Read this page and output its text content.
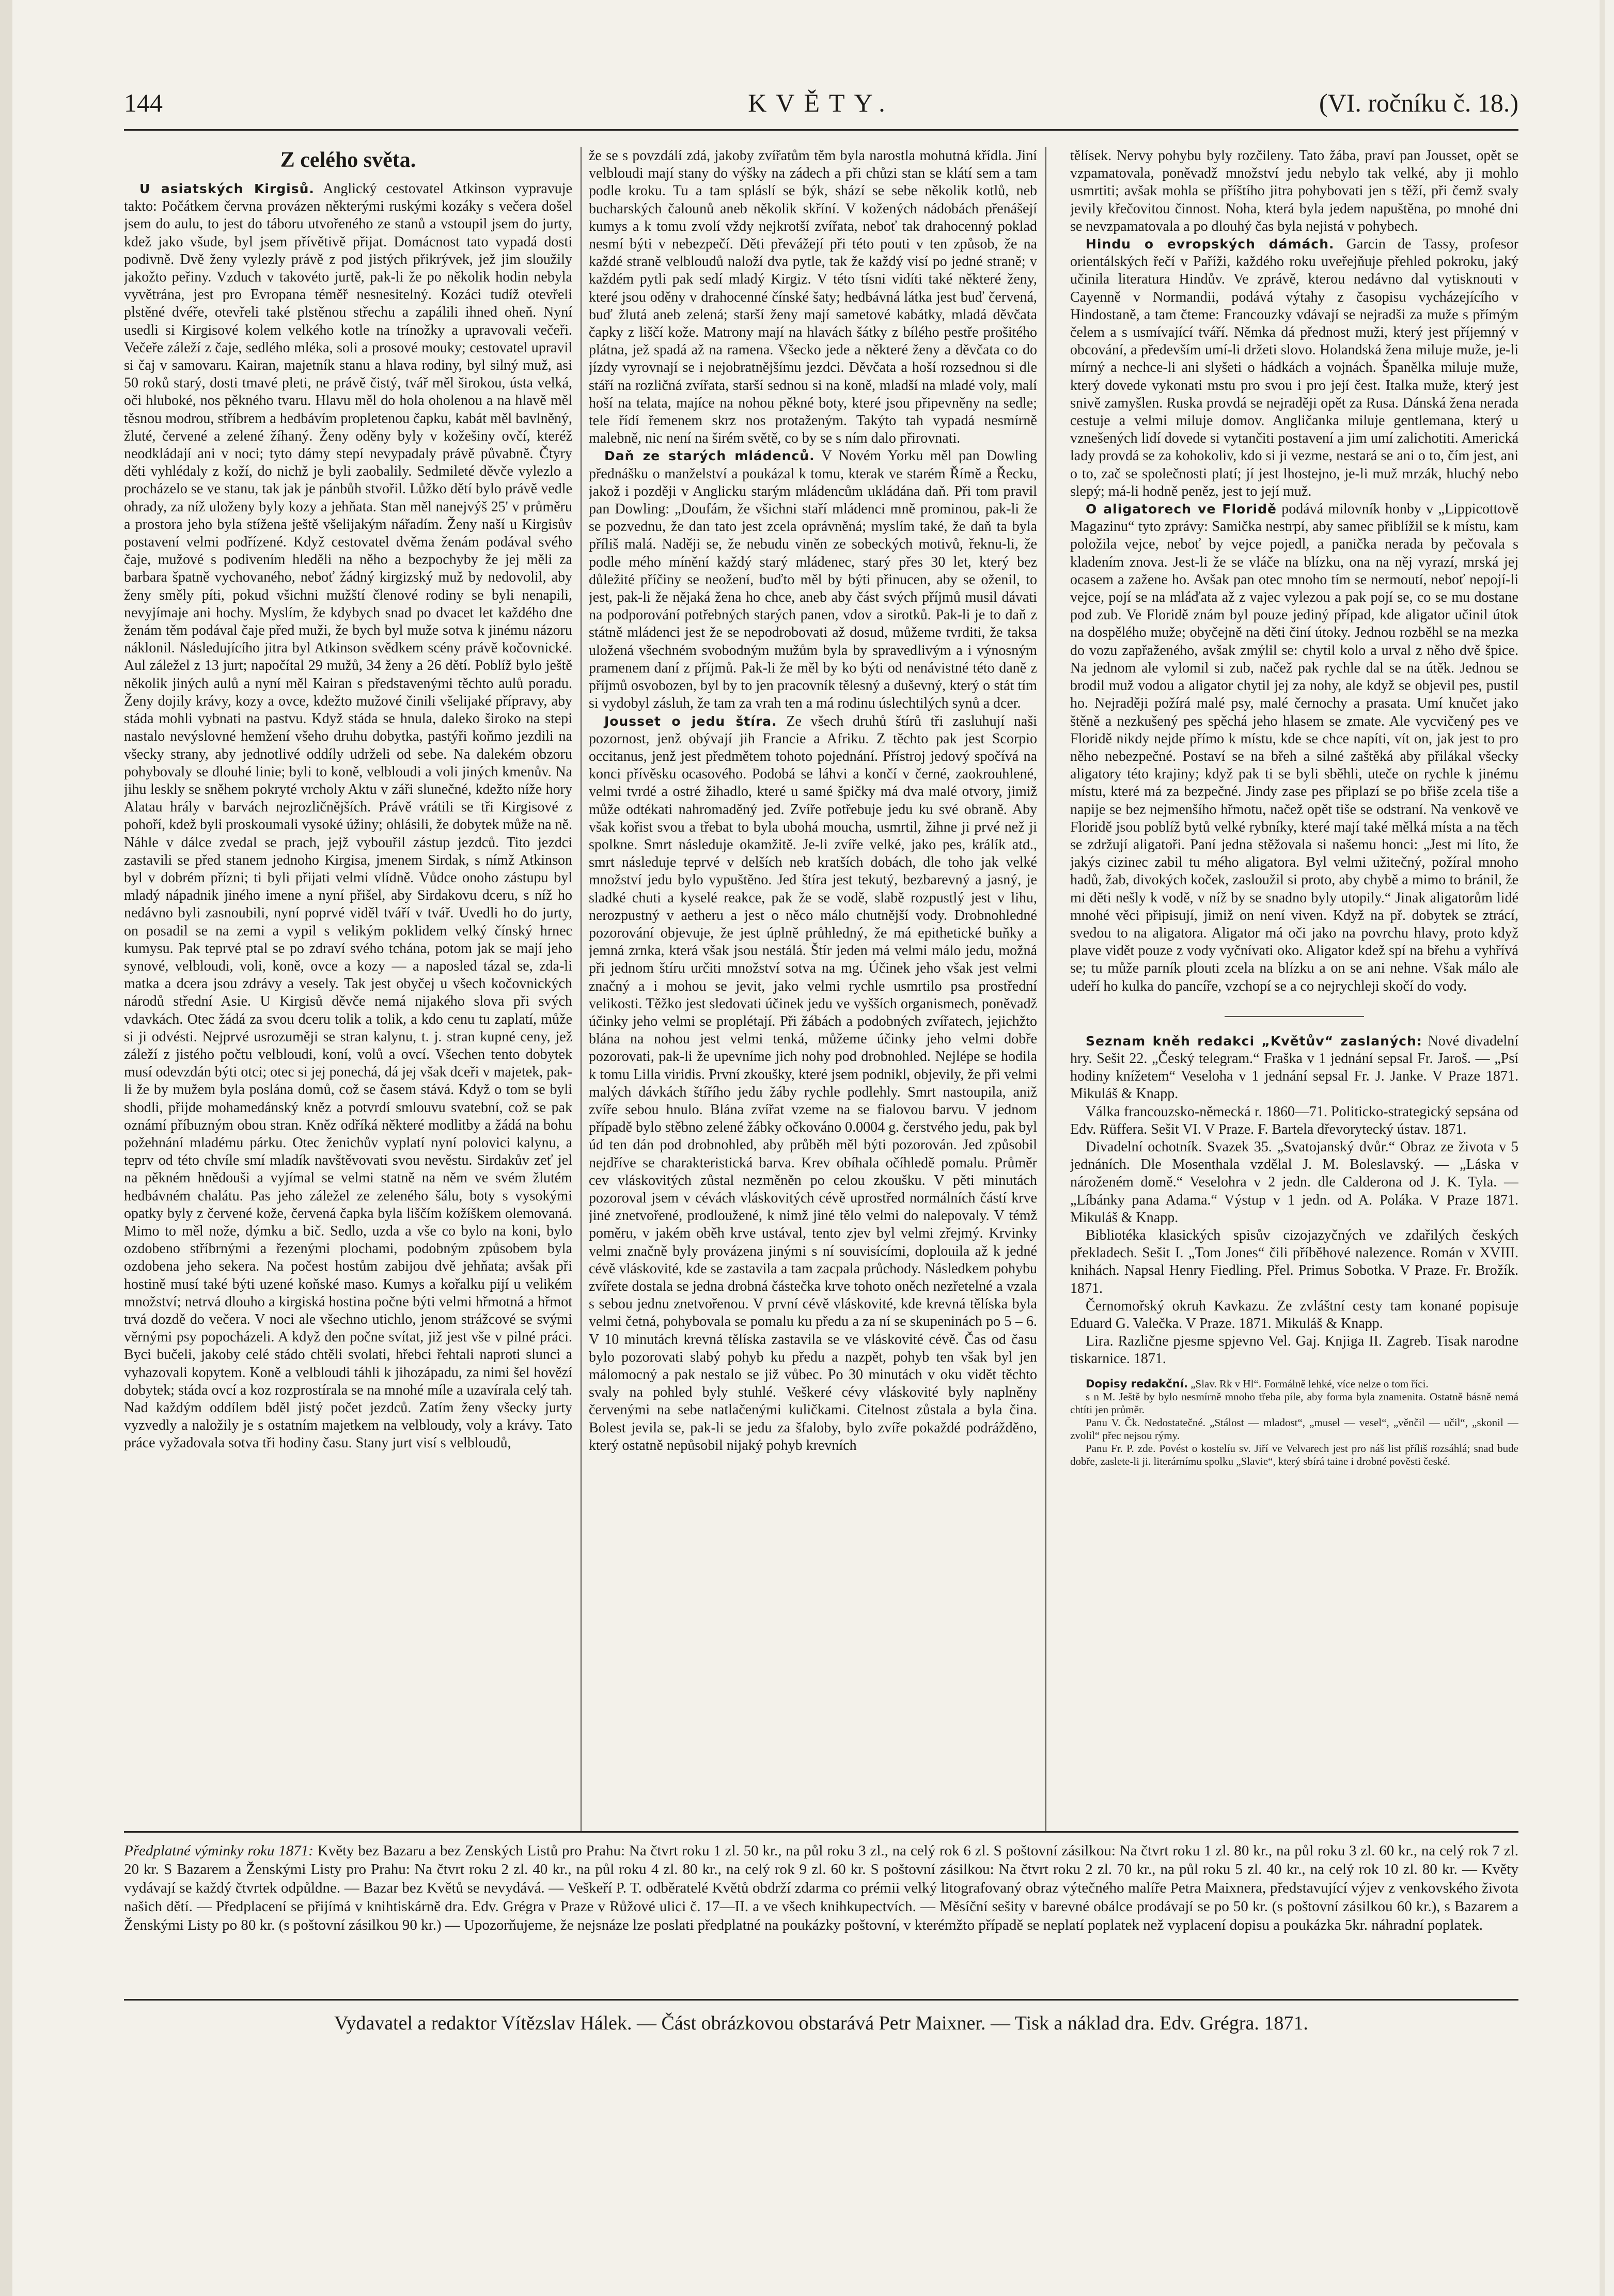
144	KVĚTY.	(VI. ročníku č. 18.)
Z celého světa.

U asiatských Kirgisů. Anglický cestovatel Atkinson vypravuje takto: Počátkem června provázen některými ruskými kozáky s večera došel jsem do aulu, to jest do táboru utvořeného ze stanů a vstoupil jsem do jurty, kdež jako všude, byl jsem přívětivě přijat. Domácnost tato vypadá dosti podivně. Dvě ženy vylezly právě z pod jistých přikrývek, jež jim sloužily jakožto peřiny. Vzduch v takovéto jurtě, pak-li že po několik hodin nebyla vyvětrána, jest pro Evropana téměř nesnesitelný. Kozáci tudíž otevřeli plstěné dvéře, otevřeli také plstěnou střechu a zapálili ihned oheň. Nyní usedli si Kirgisové kolem velkého kotle na trínožky a upravovali večeři. Večeře záleží z čaje, sedlého mléka, soli a prosové mouky; cestovatel upravil si čaj v samovaru. Kairan, majetník stanu a hlava rodiny, byl silný muž, asi 50 roků starý, dosti tmavé pleti, ne právě čistý, tvář měl širokou, ústa velká, oči hluboké, nos pěkného tvaru. Hlavu měl do hola oholenou a na hlavě měl těsnou modrou, stříbrem a hedbávím propletenou čapku, kabát měl bavlněný, žluté, červené a zelené žíhaný. Ženy oděny byly v kožešiny ovčí, kteréž neodkládají ani v noci; tyto dámy stepí nevypadaly právě půvabně. Čtyry děti vyhlédaly z koží, do nichž je byli zaobalily. Sedmileté děvče vylezlo a procházelo se ve stanu, tak jak je pánbůh stvořil. Lůžko dětí bylo právě vedle ohrady, za níž uloženy byly kozy a jehňata. Stan měl nanejvýš 25' v průměru a prostora jeho byla stížena ještě všelijakým nářadím. Ženy naší u Kirgisův postavení velmi podřízené. Když cestovatel dvěma ženám podával svého čaje, mužové s podivením hleděli na něho a bezpochyby že jej měli za barbara špatně vychovaného, neboť žádný kirgizský muž by nedovolil, aby ženy směly píti, pokud všichni mužští členové rodiny se byli nenapili, nevyjímaje ani hochy. Myslím, že kdybych snad po dvacet let každého dne ženám těm podával čaje před muži, že bych byl muže sotva k jinému názoru náklonil. Následujícího jitra byl Atkinson svědkem scény právě kočovnické. Aul záležel z 13 jurt; napočítal 29 mužů, 34 ženy a 26 dětí. Poblíž bylo ještě několik jiných aulů a nyní měl Kairan s představenými těchto aulů poradu. Ženy dojily krávy, kozy a ovce, kdežto mužové činili všelijaké přípravy, aby stáda mohli vybnati na pastvu. Když stáda se hnula, daleko široko na stepi nastalo nevýslovné hemžení všeho druhu dobytka, pastýři koňmo jezdili na všecky strany, aby jednotlivé oddíly udrželi od sebe. Na dalekém obzoru pohybovaly se dlouhé linie; byli to koně, velbloudi a voli jiných kmenův. Na jihu leskly se sněhem pokryté vrcholy Aktu v záři slunečné, kdežto níže hory Alatau hrály v barvách nejrozličnějších. Právě vrátili se tři Kirgisové z pohoří, kdež byli proskoumali vysoké úžiny; ohlásili, že dobytek může na ně. Náhle v dálce zvedal se prach, jejž vybouřil zástup jezdců. Tito jezdci zastavili se před stanem jednoho Kirgisa, jmenem Sirdak, s nímž Atkinson byl v dobrém přízni; ti byli přijati velmi vlídně. Vůdce onoho zástupu byl mladý nápadnik jiného imene a nyní přišel, aby Sirdakovu dceru, s níž ho nedávno byli zasnoubili, nyní poprvé viděl tváří v tvář. Uvedli ho do jurty, on posadil se na zemi a vypil s velikým poklidem velký čínský hrnec kumysu. Pak teprvé ptal se po zdraví svého tchána, potom jak se mají jeho synové, velbloudi, voli, koně, ovce a kozy — a naposled tázal se, zda-li matka a dcera jsou zdrávy a vesely. Tak jest obyčej u všech kočovnických národů střední Asie. U Kirgisů děvče nemá nijakého slova při svých vdavkách. Otec žádá za svou dceru tolik a tolik, a kdo cenu tu zaplatí, může si ji odvésti. Nejprvé usrozuměji se stran kalynu, t. j. stran kupné ceny, jež záleží z jistého počtu velbloudi, koní, volů a ovcí. Všechen tento dobytek musí odevzdán býti otci; otec si jej ponechá, dá jej však dceři v majetek, pak-li že by mužem byla poslána domů, což se časem stává. Když o tom se byli shodli, přijde mohamedánský kněz a potvrdí smlouvu svatební, což se pak oznámí příbuzným obou stran. Kněz odříká některé modlitby a žádá na bohu požehnání mladému párku. Otec ženichův vyplatí nyní polovici kalynu, a teprv od této chvíle smí mladík navštěvovati svou nevěstu. Sirdakův zeť jel na pěkném hnědouši a vyjímal se velmi statně na něm ve svém žlutém hedbávném chalátu. Pas jeho záležel ze zeleného šálu, boty s vysokými opatky byly z červené kože, červená čapka byla liščím kožíškem olemovaná. Mimo to měl nože, dýmku a bič. Sedlo, uzda a vše co bylo na koni, bylo ozdobeno stříbrnými a řezenými plochami, podobným způsobem byla ozdobena jeho sekera. Na počest hostům zabijou dvě jehňata; avšak při hostině musí také býti uzené koňské maso. Kumys a kořalku pijí u velikém množství; netrvá dlouho a kirgiská hostina počne býti velmi hřmotná a hřmot trvá dozdě do večera. V noci ale všechno utichlo, jenom strážcové se svými věrnými psy popocházeli. A když den počne svítat, již jest vše v pilné práci. Byci bučeli, jakoby celé stádo chtěli svolati, hřebci řehtali naproti slunci a vyhazovali kopytem. Koně a velbloudi táhli k jihozápadu, za nimi šel hovězí dobytek; stáda ovcí a koz rozprostírala se na mnohé míle a uzavírala celý tah. Nad každým oddílem bděl jistý počet jezdců. Zatím ženy všecky jurty vyzvedly a naložily je s ostatním majetkem na velbloudy, voly a krávy. Tato práce vyžadovala sotva tři hodiny času. Stany jurt visí s velbloudů,

že se s povzdálí zdá, jakoby zvířatům těm byla narostla mohutná křídla. Jiní velbloudi mají stany do výšky na zádech a při chůzi stan se klátí sem a tam podle kroku. Tu a tam spláslí se býk, shází se sebe několik kotlů, neb bucharských čalounů aneb několik skříní. V kožených nádobách přenášejí kumys a k tomu zvolí vždy nejkrotší zvířata, neboť tak drahocenný poklad nesmí býti v nebezpečí. Děti převážejí při této pouti v ten způsob, že na každé straně velbloudů naloží dva pytle, tak že každý visí po jedné straně; v každém pytli pak sedí mladý Kirgiz. V této tísni vidíti také některé ženy, které jsou oděny v drahocenné čínské šaty; hedbávná látka jest buď červená, buď žlutá aneb zelená; starší ženy mají sametové kabátky, mladá děvčata čapky z liščí kože. Matrony mají na hlavách šátky z bílého pestře prošitého plátna, jež spadá až na ramena. Všecko jede a některé ženy a děvčata co do jízdy vyrovnají se i nejobratnějšímu jezdci. Děvčata a hoší rozsednou si dle stáří na rozličná zvířata, starší sednou si na koně, mladší na mladé voly, malí hoší na telata, majíce na nohou pěkné boty, které jsou připevněny na sedle; tele řídí řemenem skrz nos protaženým. Takýto tah vypadá nesmírně malebně, nic není na širém světě, co by se s ním dalo přirovnati.

Daň ze starých mládenců. V Novém Yorku měl pan Dowling přednášku o manželství a poukázal k tomu, kterak ve starém Římě a Řecku, jakož i později v Anglicku starým mládencům ukládána daň. Při tom pravil pan Dowling: „Doufám, že všichni staří mládenci mně prominou, pak-li že se pozvednu, že dan tato jest zcela oprávněná; myslím také, že daň ta byla příliš malá. Naději se, že nebudu viněn ze sobeckých motivů, řeknu-li, že podle mého mínění každý starý mládenec, starý přes 30 let, který bez důležité příčiny se neožení, buďto měl by býti přinucen, aby se oženil, to jest, pak-li že nějaká žena ho chce, aneb aby část svých příjmů musil dávati na podporování potřebných starých panen, vdov a sirotků. Pak-li je to daň z státně mládenci jest že se nepodrobovati až dosud, můžeme tvrditi, že taksa uložená všechném svobodným mužům byla by spravedlivým a i výnosným pramenem daní z příjmů. Pak-li že měl by ko býti od nenávistné této daně z příjmů osvobozen, byl by to jen pracovník tělesný a duševný, který o stát tím si vydobyl zásluh, že tam za vrah ten a má rodinu úslechtilých synů a dcer.

Jousset o jedu štíra. Ze všech druhů štírů tři zasluhují naši pozornost, jenž obývají jih Francie a Afriku. Z těchto pak jest Scorpio occitanus, jenž jest předmětem tohoto pojednání. Přístroj jedový spočívá na konci přívěsku ocasového. Podobá se láhvi a končí v černé, zaokrouhlené, velmi tvrdé a ostré žihadlo, které u samé špičky má dva malé otvory, jimiž může odtékati nahromaděný jed. Zvíře potřebuje jedu ku své obraně. Aby však kořist svou a třebat to byla ubohá moucha, usmrtil, žihne ji prvé než ji spolkne. Smrt následuje okamžitě. Je-li zvíře velké, jako pes, králík atd., smrt následuje teprvé v delších neb kratších dobách, dle toho jak velké množství jedu bylo vypuštěno. Jed štíra jest tekutý, bezbarevný a jasný, je sladké chuti a kyselé reakce, pak že se vodě, slabě rozpustlý jest v lihu, nerozpustný v aetheru a jest o něco málo chutnější vody. Drobnohledné pozorování objevuje, že jest úplně průhledný, že má epithetické buňky a jemná zrnka, která však jsou nestálá. Štír jeden má velmi málo jedu, možná při jednom štíru určiti množství sotva na mg. Účinek jeho však jest velmi značný a i mohou se jevit, jako velmi rychle usmrtilo psa prostřední velikosti. Těžko jest sledovati účinek jedu ve vyšších organismech, poněvadž účinky jeho velmi se proplétají. Při žábách a podobných zvířatech, jejichžto blána na nohou jest velmi tenká, můžeme účinky jeho velmi dobře pozorovati, pak-li že upevníme jich nohy pod drobnohled. Nejlépe se hodila k tomu Lilla viridis. První zkoušky, které jsem podnikl, objevily, že při velmi malých dávkách štířího jedu žáby rychle podlehly. Smrt nastoupila, aniž zvíře sebou hnulo. Blána zvířat vzeme na se fialovou barvu. V jednom případě bylo stěbno zelené žábky očkováno 0.0004 g. čerstvého jedu, pak byl úd ten dán pod drobnohled, aby průběh měl býti pozorován. Jed způsobil nejdříve se charakteristická barva. Krev obíhala očíhledě pomalu. Průměr cev vláskovitých zůstal nezměněn po celou zkoušku. V pěti minutách pozoroval jsem v cévách vláskovitých cévě uprostřed normálních částí krve jiné znetvořené, prodloužené, k nimž jiné tělo velmi do nalepovaly. V témž poměru, v jakém oběh krve ustával, tento zjev byl velmi zřejmý. Krvinky velmi značně byly provázena jinými s ní souvisícími, doplouila až k jedné cévě vláskovité, kde se zastavila a tam zacpala průchody. Následkem pohybu zvířete dostala se jedna drobná částečka krve tohoto oněch nezřetelné a vzala s sebou jednu znetvořenou. V první cévě vláskovité, kde krevná tělíska byla velmi četná, pohybovala se pomalu ku předu a za ní se skupeninách po 5 – 6. V 10 minutách krevná tělíska zastavila se ve vláskovité cévě. Čas od času bylo pozorovati slabý pohyb ku předu a nazpět, pohyb ten však byl jen málomocný a pak nestalo se již vůbec. Po 30 minutách v oku vidět těchto svaly na pohled byly stuhlé. Veškeré cévy vláskovité byly naplněny červenými na sebe natlačenými kuličkami. Citelnost zůstala a byla čina. Bolest jevila se, pak-li se jedu za šfaloby, bylo zvíře pokaždé podrážděno, který ostatně nepůsobil nijaký pohyb krevních

tělísek. Nervy pohybu byly rozčileny. Tato žába, praví pan Jousset, opět se vzpamatovala, poněvadž množství jedu nebylo tak velké, aby ji mohlo usmrtiti; avšak mohla se příštího jitra pohybovati jen s těží, při čemž svaly jevily křečovitou činnost. Noha, která byla jedem napuštěna, po mnohé dni se nevzpamatovala a po dlouhý čas byla nejistá v pohybech.

Hindu o evropských dámách. Garcin de Tassy, profesor orientálských řečí v Paříži, každého roku uveřejňuje přehled pokroku, jaký učinila literatura Hindův. Ve zprávě, kterou nedávno dal vytisknouti v Cayenně v Normandii, podává výtahy z časopisu vycházejícího v Hindostaně, a tam čteme: Francouzky vdávají se nejradši za muže s přímým čelem a s usmívající tváří. Němka dá přednost muži, který jest příjemný v obcování, a především umí-li držeti slovo. Holandská žena miluje muže, je-li mírný a nechce-li ani slyšeti o hádkách a vojnách. Španělka miluje muže, který dovede vykonati mstu pro svou i pro její čest. Italka muže, který jest snivě zamyšlen. Ruska provdá se nejraději opět za Rusa. Dánská žena nerada cestuje a velmi miluje domov. Angličanka miluje gentlemana, který u vznešených lidí dovede si vytančiti postavení a jim umí zalichotiti. Americká lady provdá se za kohokoliv, kdo si ji vezme, nestará se ani o to, čím jest, ani o to, zač se společnosti platí; jí jest lhostejno, je-li muž mrzák, hluchý nebo slepý; má-li hodně peněz, jest to její muž.

O aligatorech ve Floridě podává milovník honby v „Lippicottově Magazinu“ tyto zprávy: Samička nestrpí, aby samec přiblížil se k místu, kam položila vejce, neboť by vejce pojedl, a panička nerada by pečovala s kladením znova. Jest-li že se vláče na blízku, ona na něj vyrazí, mrská jej ocasem a zažene ho. Avšak pan otec mnoho tím se nermoutí, neboť nepojí-li vejce, pojí se na mláďata až z vajec vylezou a pak pojí se, co se mu dostane pod zub. Ve Floridě znám byl pouze jediný případ, kde aligator učinil útok na dospělého muže; obyčejně na děti činí útoky. Jednou rozběhl se na mezka do vozu zapřaženého, avšak zmýlil se: chytil kolo a urval z něho dvě špice. Na jednom ale vylomil si zub, načež pak rychle dal se na útěk. Jednou se brodil muž vodou a aligator chytil jej za nohy, ale když se objevil pes, pustil ho. Nejraději požírá malé psy, malé černochy a prasata. Umí knučet jako štěně a nezkušený pes spěchá jeho hlasem se zmate. Ale vycvičený pes ve Floridě nikdy nejde přímo k místu, kde se chce napíti, vít on, jak jest to pro něho nebezpečné. Postaví se na břeh a silné zaštěká aby přilákal všecky aligatory této krajiny; když pak ti se byli sběhli, uteče on rychle k jinému místu, které má za bezpečné. Jindy zase pes připlazí se po břiše zcela tiše a napije se bez nejmenšího hřmotu, načež opět tiše se odstraní. Na venkově ve Floridě jsou poblíž bytů velké rybníky, které mají také mělká místa a na těch se zdržují aligatoři. Paní jedna stěžovala si našemu honci: „Jest mi líto, že jakýs cizinec zabil tu mého aligatora. Byl velmi užitečný, požíral mnoho hadů, žab, divokých koček, zasloužil si proto, aby chybě a mimo to bránil, že mi děti nešly k vodě, v níž by se snadno byly utopily.“ Jinak aligatorům lidé mnohé věci připisují, jimiž on není viven. Když na př. dobytek se ztrácí, svedou to na aligatora. Aligator má oči jako na povrchu hlavy, proto když plave vidět pouze z vody vyčnívati oko. Aligator kdež spí na břehu a vyhřívá se; tu může parník plouti zcela na blízku a on se ani nehne. Však málo ale udeří ho kulka do pancíře, vzchopí se a co nejrychleji skočí do vody.

Seznam kněh redakci „Květův“ zaslaných: Nové divadelní hry. Sešit 22. „Český telegram.“ Fraška v 1 jednání sepsal Fr. Jaroš. — „Psí hodiny knížetem“ Veseloha v 1 jednání sepsal Fr. J. Janke. V Praze 1871. Mikuláš & Knapp.

Válka francouzsko-německá r. 1860—71. Politicko-strategický sepsána od Edv. Rüffera. Sešit VI. V Praze. F. Bartela dřevorytecký ústav. 1871.

Divadelní ochotník. Svazek 35. „Svatojanský dvůr.“ Obraz ze života v 5 jednáních. Dle Mosenthala vzdělal J. M. Boleslavský. — „Láska v nároženém domě.“ Veselohra v 2 jedn. dle Calderona od J. K. Tyla. — „Líbánky pana Adama.“ Výstup v 1 jedn. od A. Poláka. V Praze 1871. Mikuláš & Knapp.

Bibliotéka klasických spisův cizojazyčných ve zdařilých českých překladech. Sešit I. „Tom Jones“ čili příběhové nalezence. Román v XVIII. knihách. Napsal Henry Fiedling. Přel. Primus Sobotka. V Praze. Fr. Brožík. 1871.

Černomořský okruh Kavkazu. Ze zvláštní cesty tam konané popisuje Eduard G. Valečka. V Praze. 1871. Mikuláš & Knapp.

Lira. Različne pjesme spjevno Vel. Gaj. Knjiga II. Zagreb. Tisak narodne tiskarnice. 1871.

Dopisy redakční. „Slav. Rk v Hl“. Formálně lehké, více nelze o tom říci.

s n M. Ještě by bylo nesmírně mnoho třeba píle, aby forma byla znamenita. Ostatně básně nemá chtíti jen průměr.

Panu V. Čk. Nedostatečné. „Stálost — mladost“, „musel — vesel“, „věnčil — učil“, „skonil — zvolil“ přec nejsou rýmy.

Panu Fr. P. zde. Povést o kostelíu sv. Jiří ve Velvarech jest pro náš list příliš rozsáhlá; snad bude dobře, zaslete-li ji. literárnímu spolku „Slavie“, který sbírá taine i drobné pověsti české.

Předplatné výminky roku 1871: Květy bez Bazaru a bez Zenských Listů pro Prahu: Na čtvrt roku 1 zl. 50 kr., na půl roku 3 zl., na celý rok 6 zl. S poštovní zásilkou: Na čtvrt roku 1 zl. 80 kr., na půl roku 3 zl. 60 kr., na celý rok 7 zl. 20 kr. S Bazarem a Ženskými Listy pro Prahu: Na čtvrt roku 2 zl. 40 kr., na půl roku 4 zl. 80 kr., na celý rok 9 zl. 60 kr. S poštovní zásilkou: Na čtvrt roku 2 zl. 70 kr., na půl roku 5 zl. 40 kr., na celý rok 10 zl. 80 kr. — Květy vydávají se každý čtvrtek odpůldne. — Bazar bez Květů se nevydává. — Veškeří P. T. odběratelé Květů obdrží zdarma co prémii velký litografovaný obraz výtečného malíře Petra Maixnera, představující výjev z venkovského života našich dětí. — Předplacení se přijímá v knihtiskárně dra. Edv. Grégra v Praze v Růžové ulici č. 17—II. a ve všech knihkupectvích. — Měsíční sešity v barevné obálce prodávají se po 50 kr. (s poštovní zásilkou 60 kr.), s Bazarem a Ženskými Listy po 80 kr. (s poštovní zásilkou 90 kr.) — Upozorňujeme, že nejsnáze lze poslati předplatné na poukázky poštovní, v kterémžto případě se neplatí poplatek než vyplacení dopisu a poukázka 5kr. náhradní poplatek.

Vydavatel a redaktor Vítězslav Hálek. — Část obrázkovou obstarává Petr Maixner. — Tisk a náklad dra. Edv. Grégra. 1871.
